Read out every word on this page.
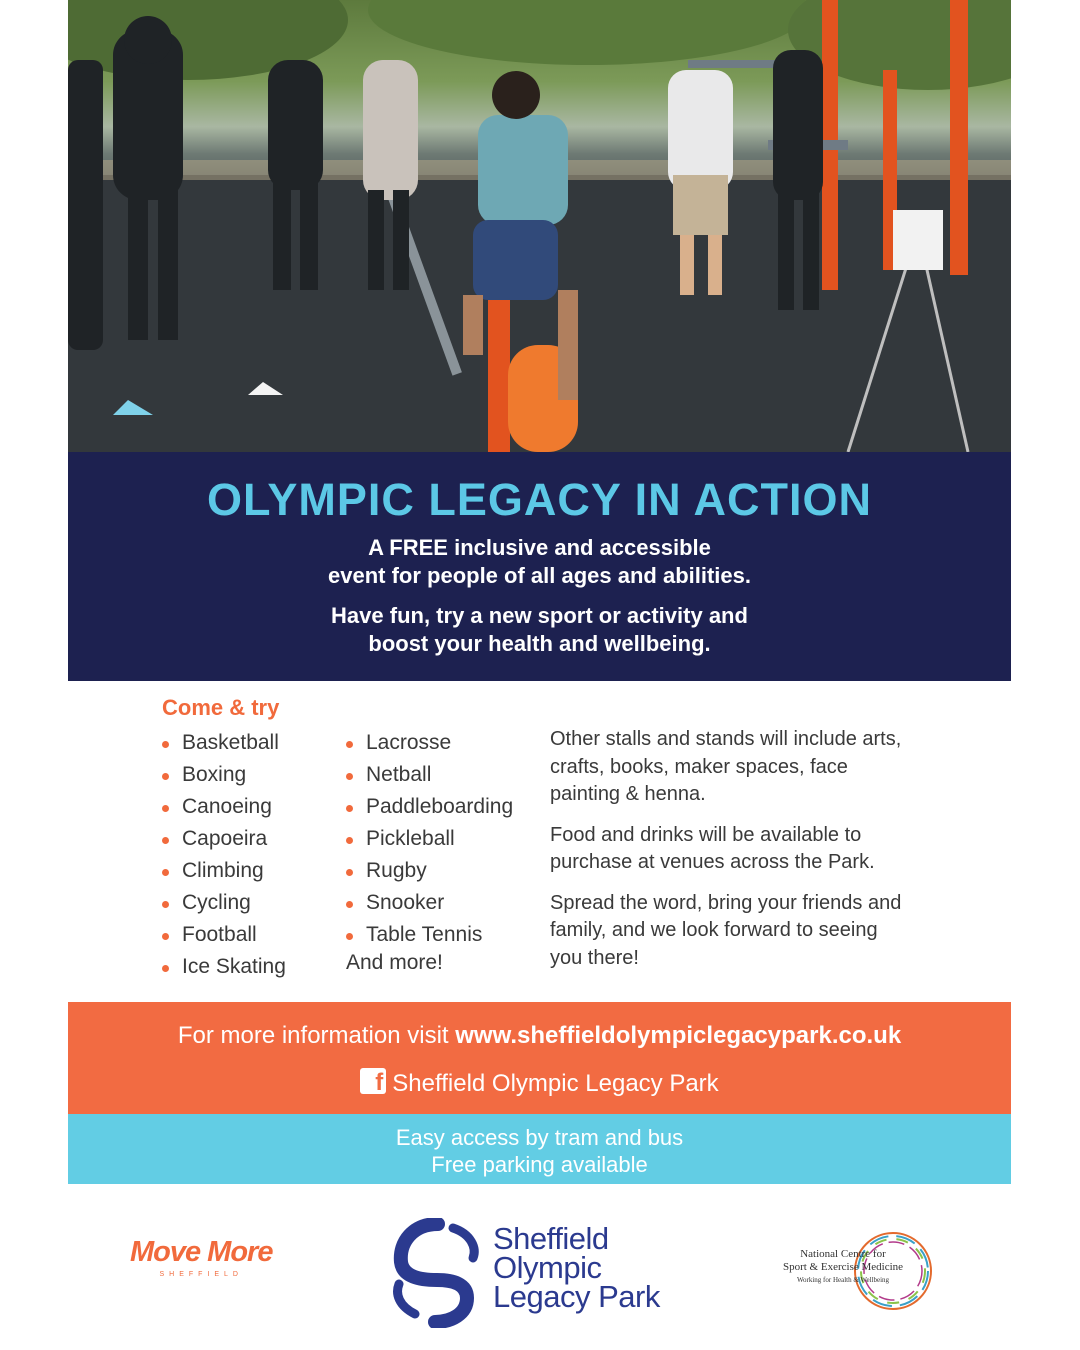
OLYMPIC LEGACY IN ACTION

A FREE inclusive and accessible
event for people of all ages and abilities.

Have fun, try a new sport or activity and
boost your health and wellbeing.

Come & try
Basketball
Boxing
Canoeing
Capoeira
Climbing
Cycling
Football
Ice Skating
Lacrosse
Netball
Paddleboarding
Pickleball
Rugby
Snooker
Table Tennis
And more!

Other stalls and stands will include arts, crafts, books, maker spaces, face painting & henna.

Food and drinks will be available to purchase at venues across the Park.

Spread the word, bring your friends and family, and we look forward to seeing you there!

For more information visit www.sheffieldolympiclegacypark.co.uk
f Sheffield Olympic Legacy Park
Easy access by tram and bus
Free parking available
Move More
SHEFFIELD
Sheffield
Olympic
Legacy Park
National Centre for
Sport & Exercise Medicine
Working for Health & Wellbeing
